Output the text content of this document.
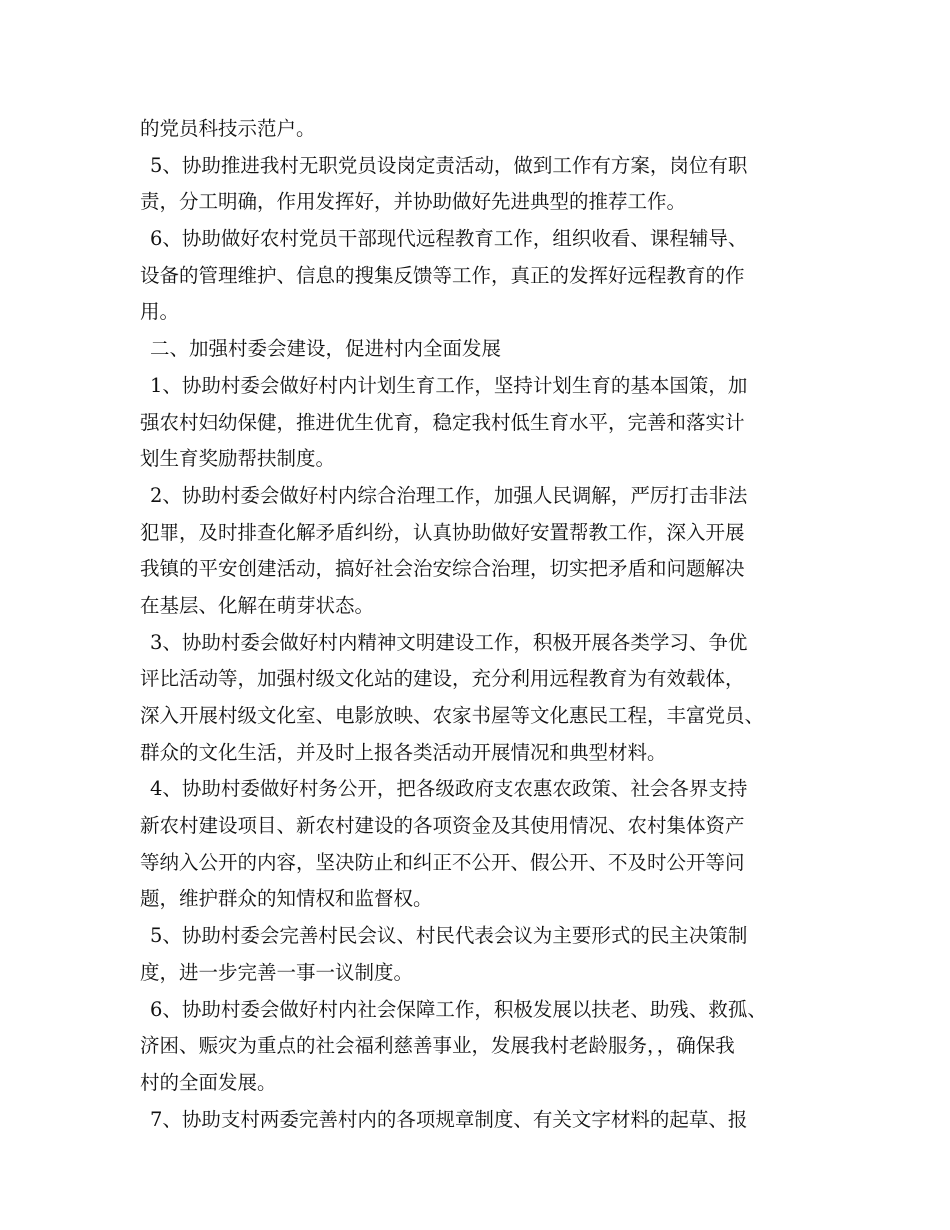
的党员科技示范户。
5、协助推进我村无职党员设岗定责活动，做到工作有方案，岗位有职
责，分工明确，作用发挥好，并协助做好先进典型的推荐工作。
6、协助做好农村党员干部现代远程教育工作，组织收看、课程辅导、
设备的管理维护、信息的搜集反馈等工作，真正的发挥好远程教育的作
用。
二、加强村委会建设，促进村内全面发展
1、协助村委会做好村内计划生育工作，坚持计划生育的基本国策，加
强农村妇幼保健，推进优生优育，稳定我村低生育水平，完善和落实计
划生育奖励帮扶制度。
2、协助村委会做好村内综合治理工作，加强人民调解，严厉打击非法
犯罪，及时排查化解矛盾纠纷，认真协助做好安置帮教工作，深入开展
我镇的平安创建活动，搞好社会治安综合治理，切实把矛盾和问题解决
在基层、化解在萌芽状态。
3、协助村委会做好村内精神文明建设工作，积极开展各类学习、争优
评比活动等，加强村级文化站的建设，充分利用远程教育为有效载体，
深入开展村级文化室、电影放映、农家书屋等文化惠民工程，丰富党员、
群众的文化生活，并及时上报各类活动开展情况和典型材料。
4、协助村委做好村务公开，把各级政府支农惠农政策、社会各界支持
新农村建设项目、新农村建设的各项资金及其使用情况、农村集体资产
等纳入公开的内容，坚决防止和纠正不公开、假公开、不及时公开等问
题，维护群众的知情权和监督权。
5、协助村委会完善村民会议、村民代表会议为主要形式的民主决策制
度，进一步完善一事一议制度。
6、协助村委会做好村内社会保障工作，积极发展以扶老、助残、救孤、
济困、赈灾为重点的社会福利慈善事业，发展我村老龄服务，，确保我
村的全面发展。
7、协助支村两委完善村内的各项规章制度、有关文字材料的起草、报
